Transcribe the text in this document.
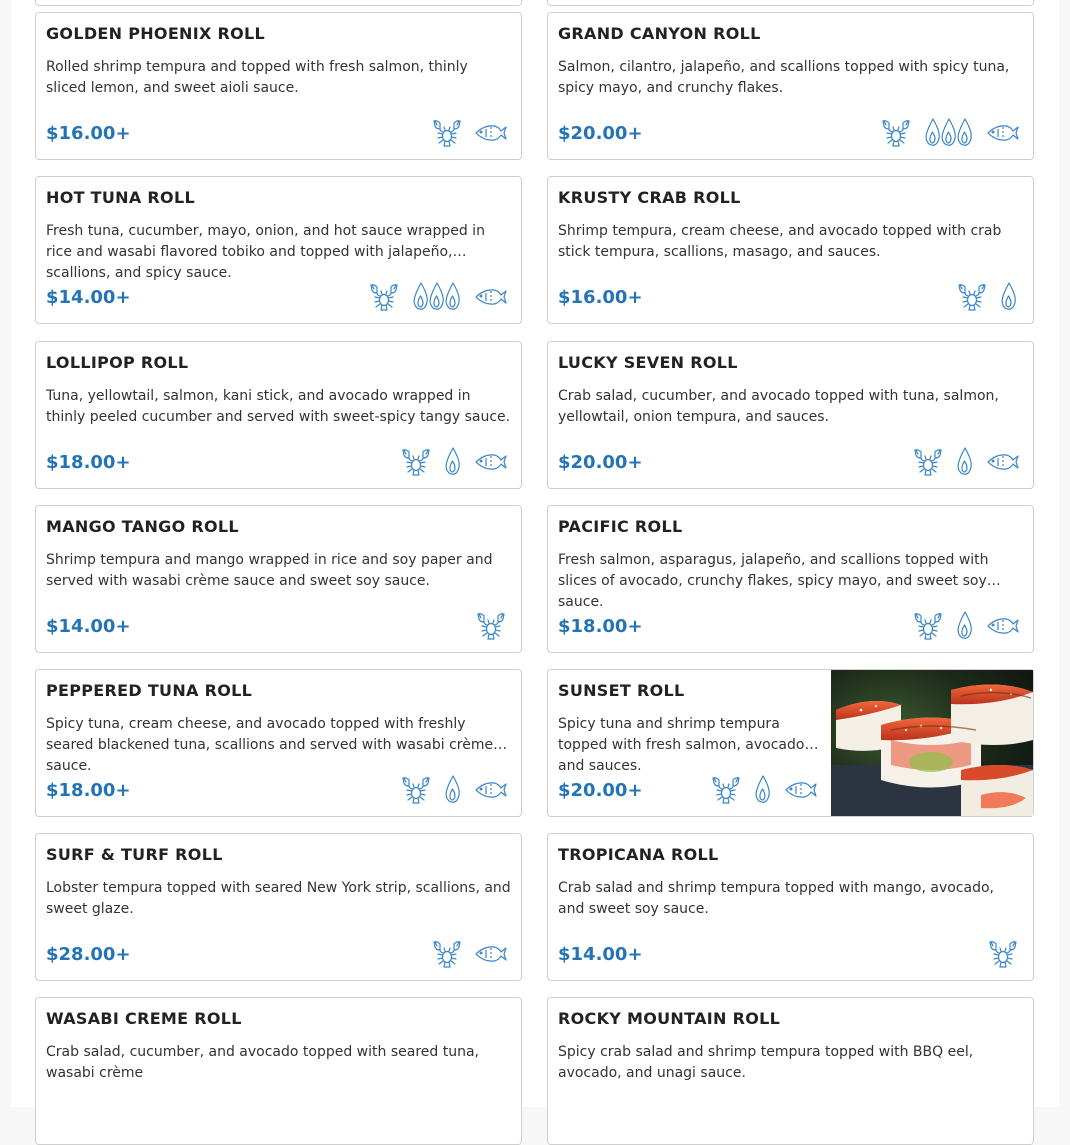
GOLDEN PHOENIX ROLL
Rolled shrimp tempura and topped with fresh salmon, thinly sliced lemon, and sweet aioli sauce.
$16.00+
GRAND CANYON ROLL
Salmon, cilantro, jalapeño, and scallions topped with spicy tuna, spicy mayo, and crunchy flakes.
$20.00+
HOT TUNA ROLL
Fresh tuna, cucumber, mayo, onion, and hot sauce wrapped in rice and wasabi flavored tobiko and topped with jalapeño, scallions, and spicy sauce.
$14.00+
KRUSTY CRAB ROLL
Shrimp tempura, cream cheese, and avocado topped with crab stick tempura, scallions, masago, and sauces.
$16.00+
LOLLIPOP ROLL
Tuna, yellowtail, salmon, kani stick, and avocado wrapped in thinly peeled cucumber and served with sweet-spicy tangy sauce.
$18.00+
LUCKY SEVEN ROLL
Crab salad, cucumber, and avocado topped with tuna, salmon, yellowtail, onion tempura, and sauces.
$20.00+
MANGO TANGO ROLL
Shrimp tempura and mango wrapped in rice and soy paper and served with wasabi crème sauce and sweet soy sauce.
$14.00+
PACIFIC ROLL
Fresh salmon, asparagus, jalapeño, and scallions topped with slices of avocado, crunchy flakes, spicy mayo, and sweet soy sauce.
$18.00+
PEPPERED TUNA ROLL
Spicy tuna, cream cheese, and avocado topped with freshly seared blackened tuna, scallions and served with wasabi crème sauce.
$18.00+
SUNSET ROLL
Spicy tuna and shrimp tempura topped with fresh salmon, avocado, and sauces.
$20.00+
SURF & TURF ROLL
Lobster tempura topped with seared New York strip, scallions, and sweet glaze.
$28.00+
TROPICANA ROLL
Crab salad and shrimp tempura topped with mango, avocado, and sweet soy sauce.
$14.00+
WASABI CREME ROLL
Crab salad, cucumber, and avocado topped with seared tuna, wasabi crème
ROCKY MOUNTAIN ROLL
Spicy crab salad and shrimp tempura topped with BBQ eel, avocado, and unagi sauce.
